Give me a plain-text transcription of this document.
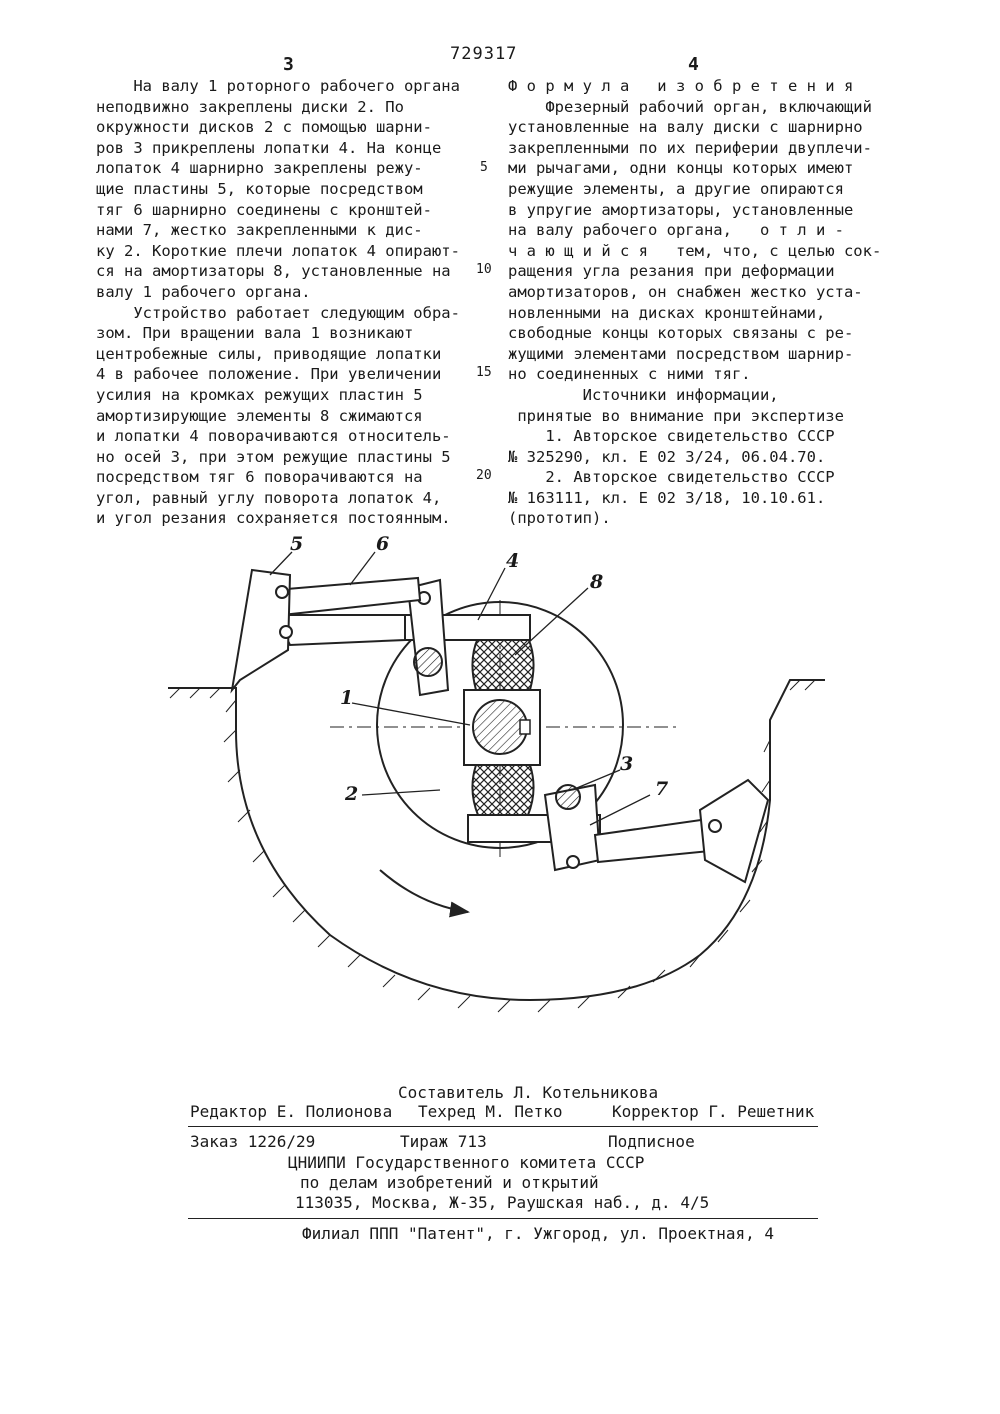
729317
3	4
На валу 1 роторного рабочего органа
неподвижно закреплены диски 2. По
окружности дисков 2 с помощью шарни-
ров 3 прикреплены лопатки 4. На конце
лопаток 4 шарнирно закреплены режу-
щие пластины 5, которые посредством
тяг 6 шарнирно соединены с кронштей-
нами 7, жестко закрепленными к дис-
ку 2. Короткие плечи лопаток 4 опирают-
ся на амортизаторы 8, установленные на
валу 1 рабочего органа.
Устройство работает следующим обра-
зом. При вращении вала 1 возникают
центробежные силы, приводящие лопатки
4 в рабочее положение. При увеличении
усилия на кромках режущих пластин 5
амортизирующие элементы 8 сжимаются
и лопатки 4 поворачиваются относитель-
но осей 3, при этом режущие пластины 5
посредством тяг 6 поворачиваются на
угол, равный углу поворота лопаток 4,
и угол резания сохраняется постоянным.
Ф о р м у л а   и з о б р е т е н и я
Фрезерный рабочий орган, включающий
установленные на валу диски с шарнирно
закрепленными по их периферии двуплечи-
ми рычагами, одни концы которых имеют
режущие элементы, а другие опираются
в упругие амортизаторы, установленные
на валу рабочего органа,   о т л и -
ч а ю щ и й с я   тем, что, с целью сок-
ращения угла резания при деформации
амортизаторов, он снабжен жестко уста-
новленными на дисках кронштейнами,
свободные концы которых связаны с ре-
жущими элементами посредством шарнир-
но соединенных с ними тяг.
Источники информации,
принятые во внимание при экспертизе
1. Авторское свидетельство СССР
№ 325290, кл. Е 02 3/24, 06.04.70.
2. Авторское свидетельство СССР
№ 163111, кл. Е 02 3/18, 10.10.61.
(прототип).
5
10
15
20
5	6
4
8
1
2
3
7
Составитель Л. Котельникова
Редактор Е. Полионова Техред М. Петко	Корректор Г. Решетник
Заказ 1226/29	Тираж 713	Подписное
ЦНИИПИ Государственного комитета СССР
по делам изобретений и открытий
113035, Москва, Ж-35, Раушская наб., д. 4/5
Филиал ППП "Патент", г. Ужгород, ул. Проектная, 4
